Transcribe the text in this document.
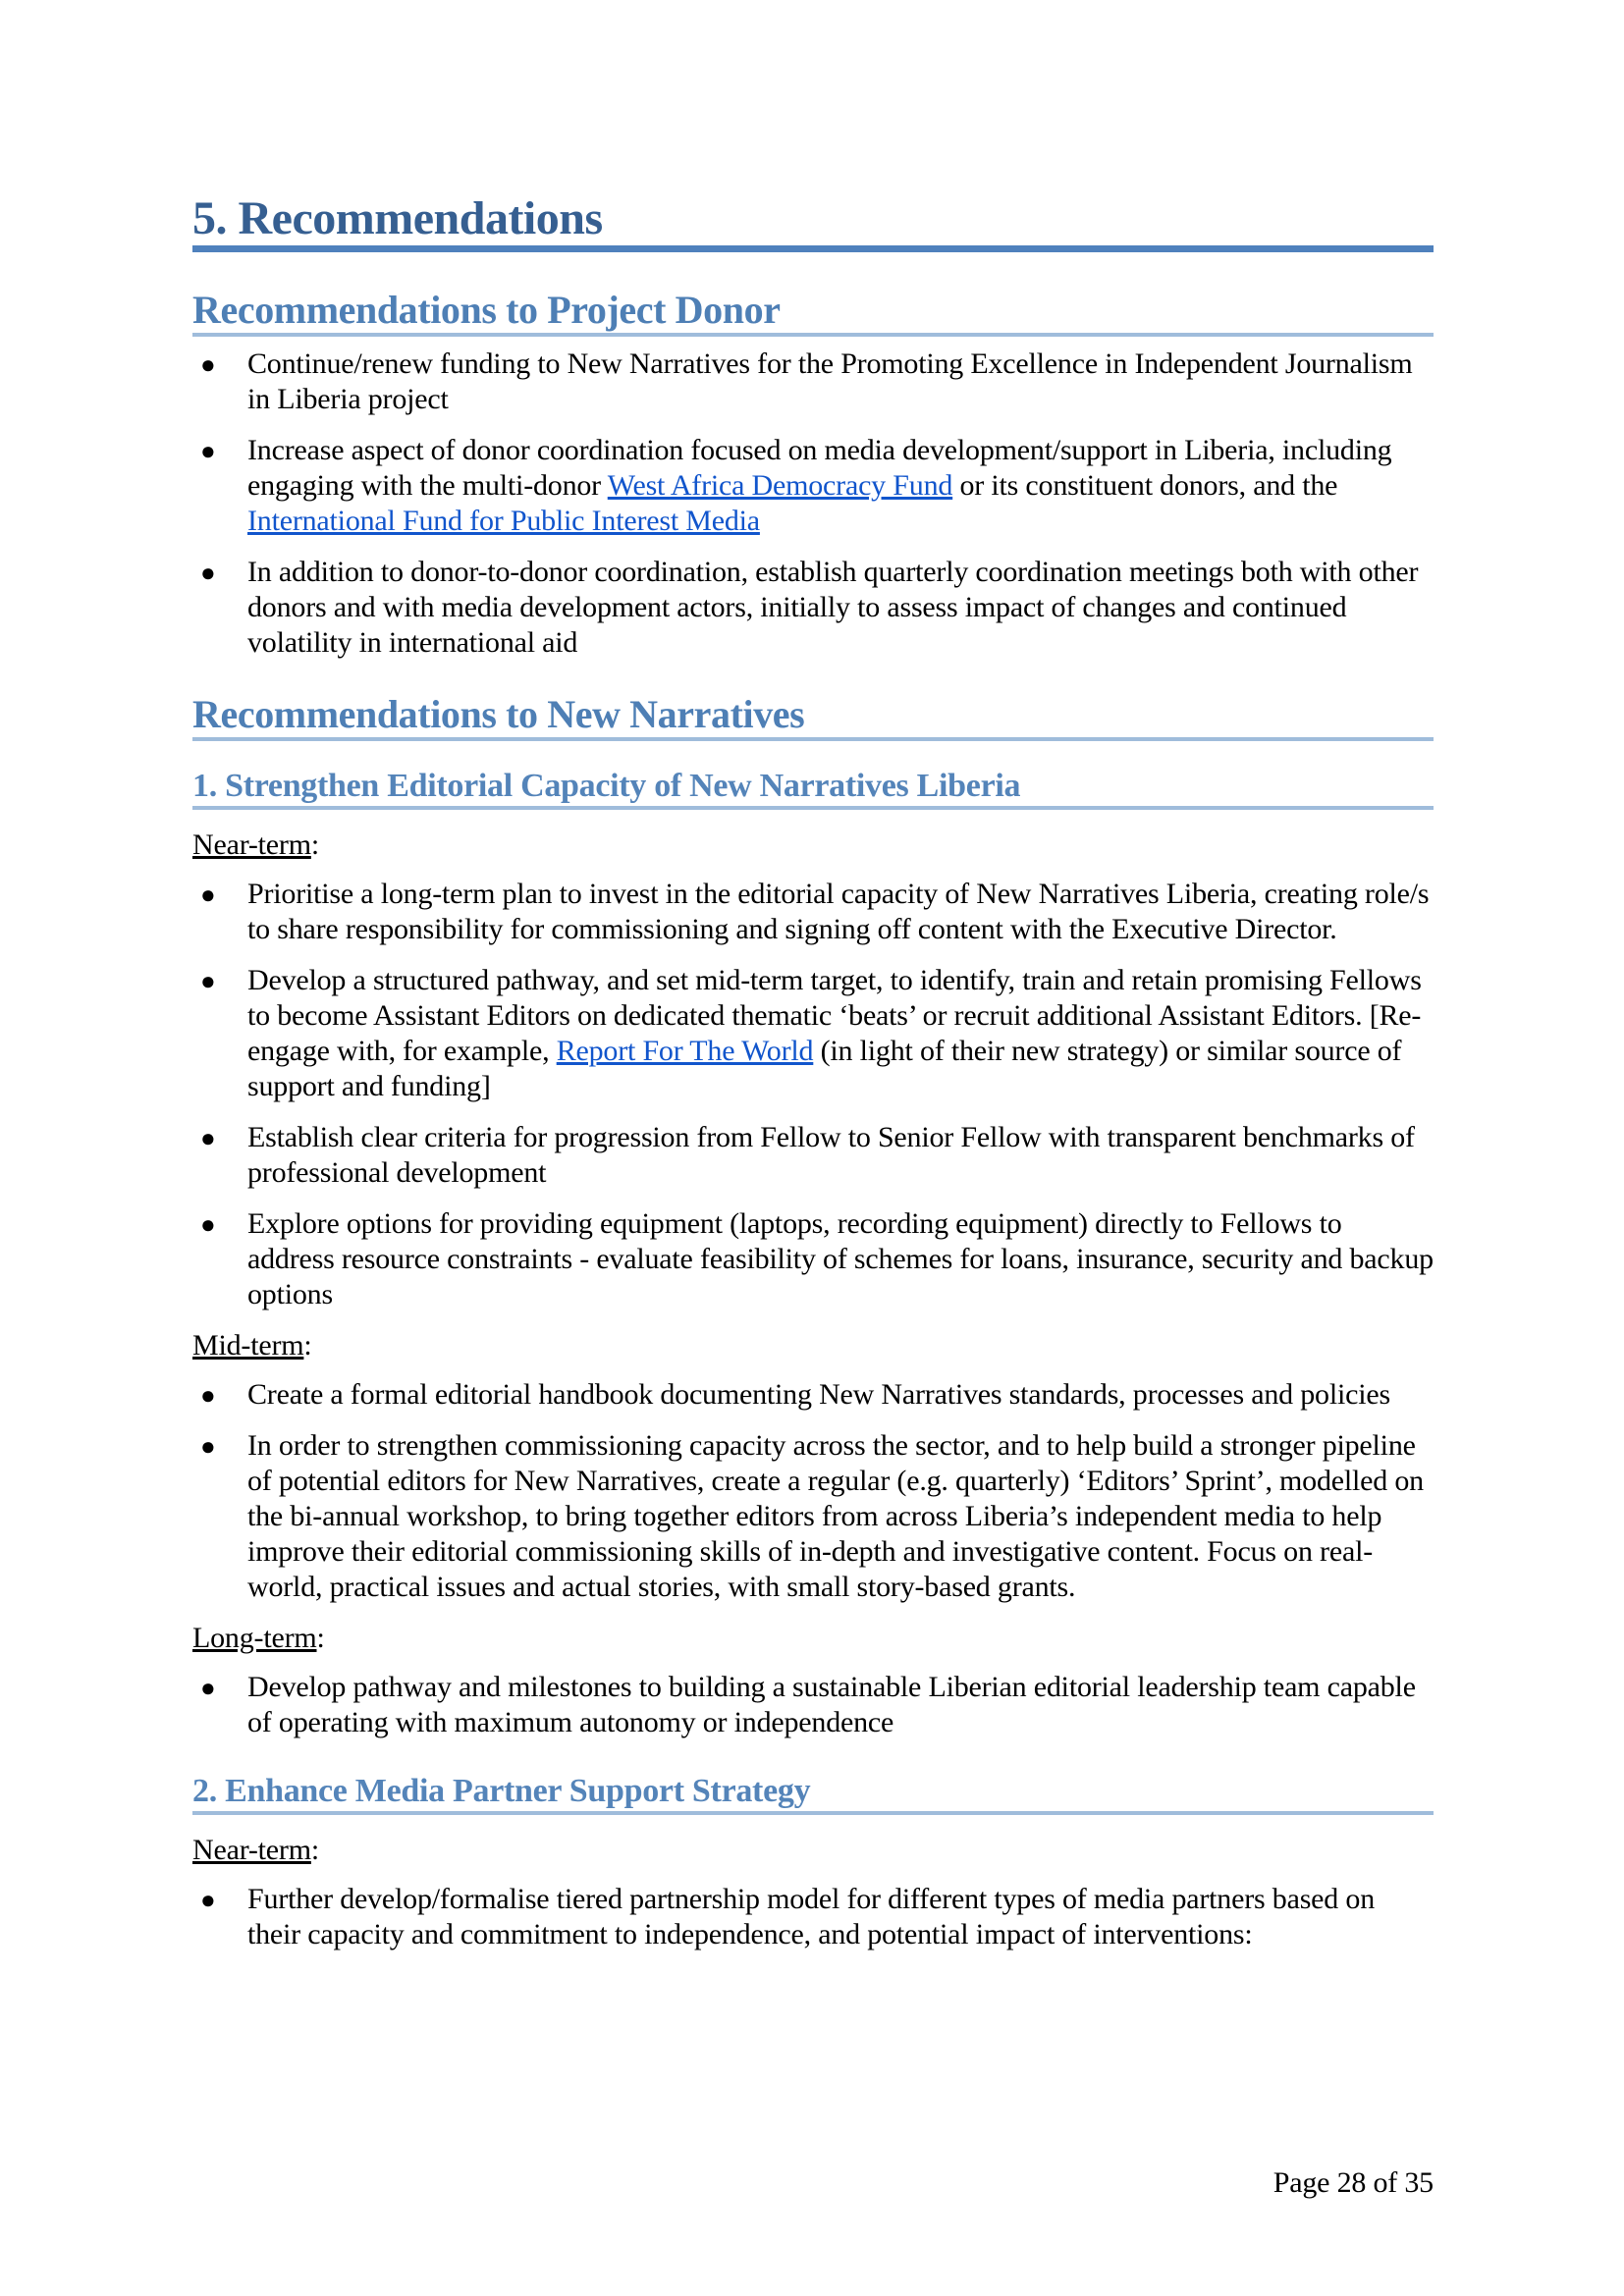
5. Recommendations
Recommendations to Project Donor
● Continue/renew funding to New Narratives for the Promoting Excellence in Independent Journalism in Liberia project
● Increase aspect of donor coordination focused on media development/support in Liberia, including engaging with the multi-donor West Africa Democracy Fund or its constituent donors, and the International Fund for Public Interest Media
● In addition to donor-to-donor coordination, establish quarterly coordination meetings both with other donors and with media development actors, initially to assess impact of changes and continued volatility in international aid
Recommendations to New Narratives
1. Strengthen Editorial Capacity of New Narratives Liberia

Near-term:

● Prioritise a long-term plan to invest in the editorial capacity of New Narratives Liberia, creating role/s to share responsibility for commissioning and signing off content with the Executive Director.
● Develop a structured pathway, and set mid-term target, to identify, train and retain promising Fellows to become Assistant Editors on dedicated thematic ‘beats’ or recruit additional Assistant Editors. [Re-engage with, for example, Report For The World (in light of their new strategy) or similar source of support and funding]
● Establish clear criteria for progression from Fellow to Senior Fellow with transparent benchmarks of professional development
● Explore options for providing equipment (laptops, recording equipment) directly to Fellows to address resource constraints - evaluate feasibility of schemes for loans, insurance, security and backup options

Mid-term:

● Create a formal editorial handbook documenting New Narratives standards, processes and policies
● In order to strengthen commissioning capacity across the sector, and to help build a stronger pipeline of potential editors for New Narratives, create a regular (e.g. quarterly) ‘Editors’ Sprint’, modelled on the bi-annual workshop, to bring together editors from across Liberia’s independent media to help improve their editorial commissioning skills of in-depth and investigative content. Focus on real-world, practical issues and actual stories, with small story-based grants.

Long-term:

● Develop pathway and milestones to building a sustainable Liberian editorial leadership team capable of operating with maximum autonomy or independence
2. Enhance Media Partner Support Strategy

Near-term:

● Further develop/formalise tiered partnership model for different types of media partners based on their capacity and commitment to independence, and potential impact of interventions:
Page 28 of 35
